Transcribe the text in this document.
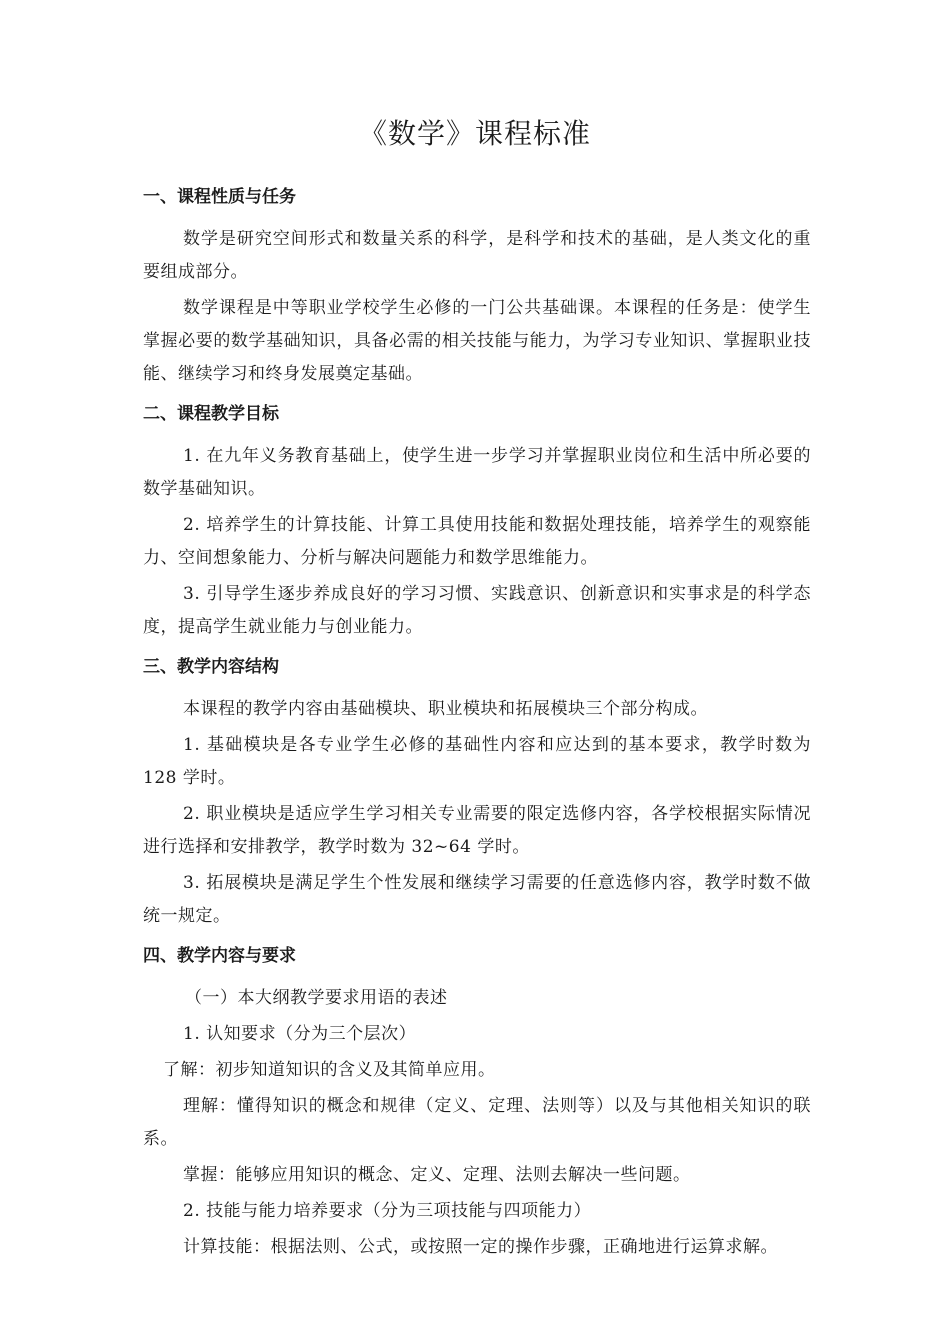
《数学》课程标准
一、课程性质与任务

数学是研究空间形式和数量关系的科学，是科学和技术的基础，是人类文化的重要组成部分。

数学课程是中等职业学校学生必修的一门公共基础课。本课程的任务是：使学生掌握必要的数学基础知识，具备必需的相关技能与能力，为学习专业知识、掌握职业技能、继续学习和终身发展奠定基础。

二、课程教学目标

1. 在九年义务教育基础上，使学生进一步学习并掌握职业岗位和生活中所必要的数学基础知识。

2. 培养学生的计算技能、计算工具使用技能和数据处理技能，培养学生的观察能力、空间想象能力、分析与解决问题能力和数学思维能力。

3. 引导学生逐步养成良好的学习习惯、实践意识、创新意识和实事求是的科学态度，提高学生就业能力与创业能力。

三、教学内容结构

本课程的教学内容由基础模块、职业模块和拓展模块三个部分构成。

1. 基础模块是各专业学生必修的基础性内容和应达到的基本要求，教学时数为 128 学时。

2. 职业模块是适应学生学习相关专业需要的限定选修内容，各学校根据实际情况进行选择和安排教学，教学时数为 32~64 学时。

3. 拓展模块是满足学生个性发展和继续学习需要的任意选修内容，教学时数不做统一规定。

四、教学内容与要求

（一）本大纲教学要求用语的表述

1. 认知要求（分为三个层次）

了解：初步知道知识的含义及其简单应用。

理解：懂得知识的概念和规律（定义、定理、法则等）以及与其他相关知识的联系。

掌握：能够应用知识的概念、定义、定理、法则去解决一些问题。

2. 技能与能力培养要求（分为三项技能与四项能力）

计算技能：根据法则、公式，或按照一定的操作步骤，正确地进行运算求解。
